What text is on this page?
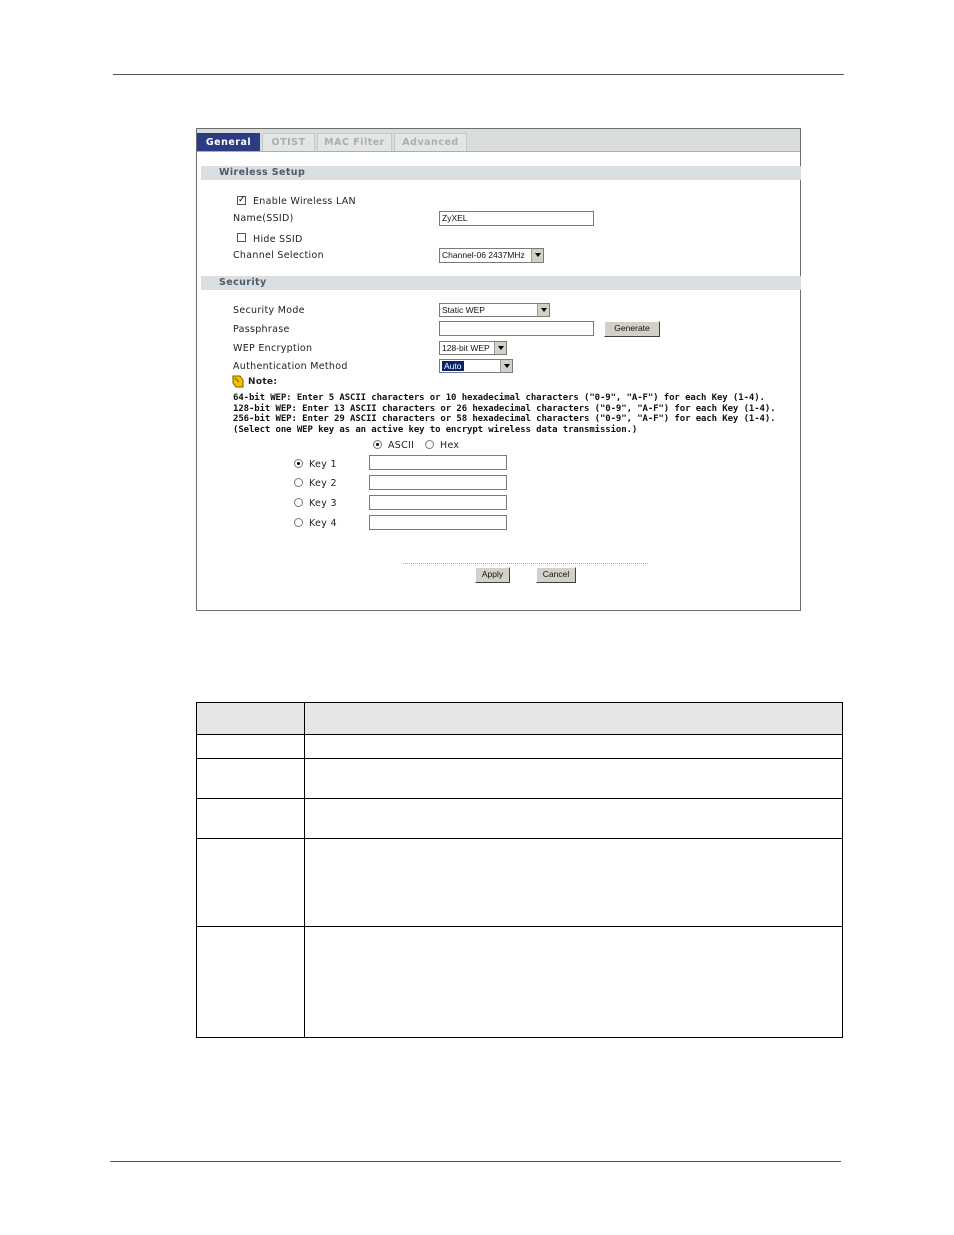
General	OTIST	MAC Filter	Advanced
Wireless Setup
✓ Enable Wireless LAN
Name(SSID)	ZyXEL
Hide SSID
Channel Selection	Channel-06 2437MHz
Security
Security Mode	Static WEP
Passphrase	Generate
WEP Encryption	128-bit WEP
Authentication Method	Auto
Note:
64-bit WEP: Enter 5 ASCII characters or 10 hexadecimal characters ("0-9", "A-F") for each Key (1-4).
128-bit WEP: Enter 13 ASCII characters or 26 hexadecimal characters ("0-9", "A-F") for each Key (1-4).
256-bit WEP: Enter 29 ASCII characters or 58 hexadecimal characters ("0-9", "A-F") for each Key (1-4).
(Select one WEP key as an active key to encrypt wireless data transmission.)
ASCII	Hex
Key 1
Key 2
Key 3
Key 4
Apply	Cancel
